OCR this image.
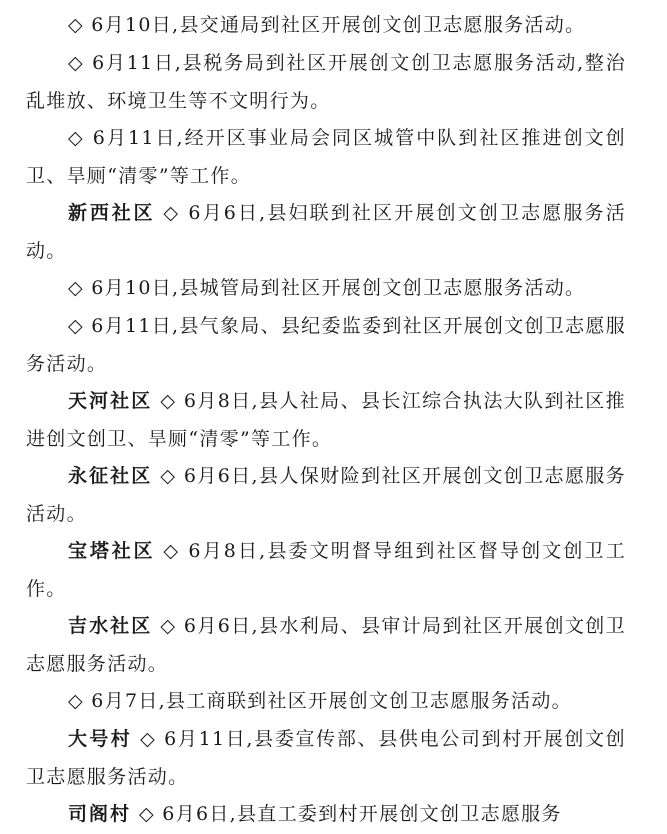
◇ 6月10日,县交通局到社区开展创文创卫志愿服务活动。

◇ 6月11日,县税务局到社区开展创文创卫志愿服务活动,整治乱堆放、环境卫生等不文明行为。

◇ 6月11日,经开区事业局会同区城管中队到社区推进创文创卫、旱厕“清零”等工作。

新西社区 ◇ 6月6日,县妇联到社区开展创文创卫志愿服务活动。

◇ 6月10日,县城管局到社区开展创文创卫志愿服务活动。

◇ 6月11日,县气象局、县纪委监委到社区开展创文创卫志愿服务活动。

天河社区 ◇ 6月8日,县人社局、县长江综合执法大队到社区推进创文创卫、旱厕“清零”等工作。

永征社区 ◇ 6月6日,县人保财险到社区开展创文创卫志愿服务活动。

宝塔社区 ◇ 6月8日,县委文明督导组到社区督导创文创卫工作。

吉水社区 ◇ 6月6日,县水利局、县审计局到社区开展创文创卫志愿服务活动。

◇ 6月7日,县工商联到社区开展创文创卫志愿服务活动。

大号村 ◇ 6月11日,县委宣传部、县供电公司到村开展创文创卫志愿服务活动。

司阁村 ◇ 6月6日,县直工委到村开展创文创卫志愿服务
